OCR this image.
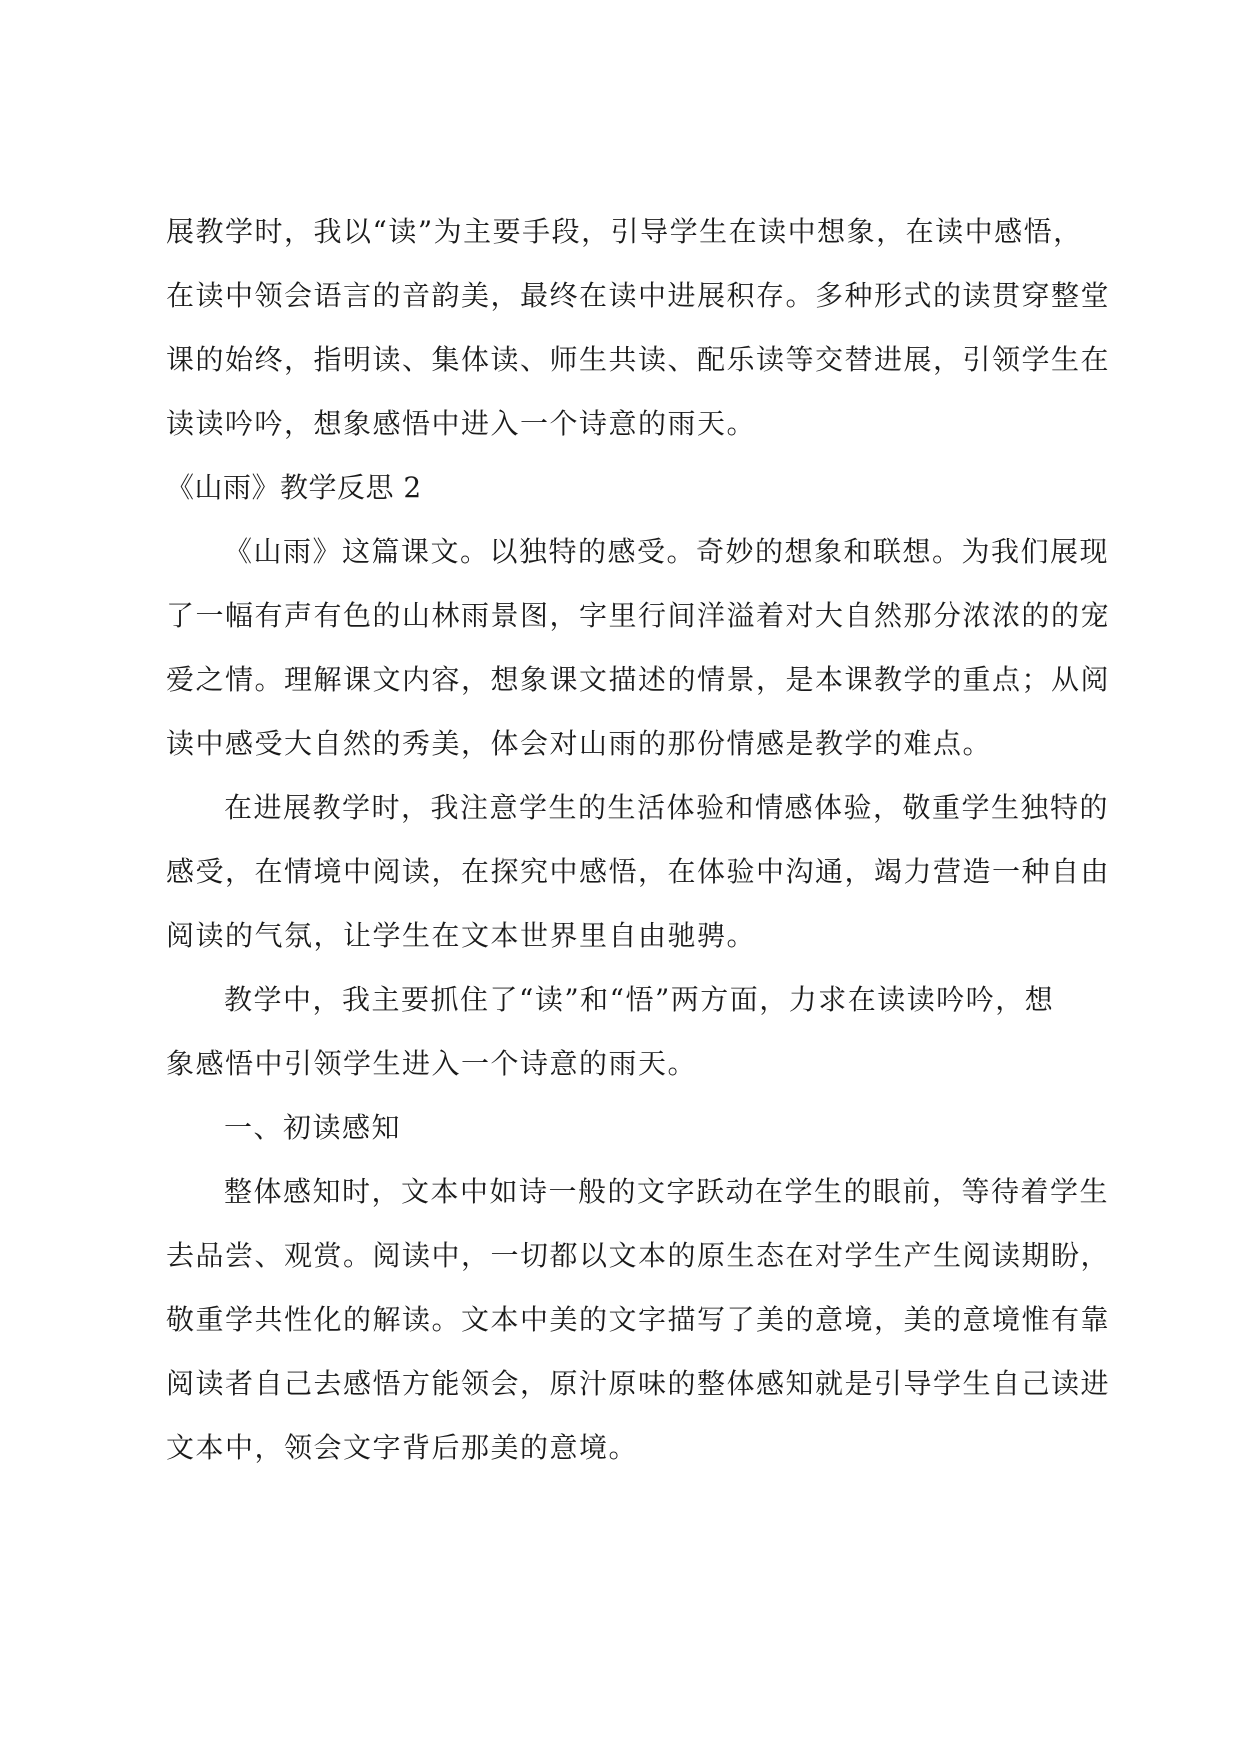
展教学时，我以“读”为主要手段，引导学生在读中想象，在读中感悟，

在读中领会语言的音韵美，最终在读中进展积存。多种形式的读贯穿整堂

课的始终，指明读、集体读、师生共读、配乐读等交替进展，引领学生在

读读吟吟，想象感悟中进入一个诗意的雨天。

《山雨》教学反思 2

《山雨》这篇课文。以独特的感受。奇妙的想象和联想。为我们展现

了一幅有声有色的山林雨景图，字里行间洋溢着对大自然那分浓浓的的宠

爱之情。理解课文内容，想象课文描述的情景，是本课教学的重点；从阅

读中感受大自然的秀美，体会对山雨的那份情感是教学的难点。

在进展教学时，我注意学生的生活体验和情感体验，敬重学生独特的

感受，在情境中阅读，在探究中感悟，在体验中沟通，竭力营造一种自由

阅读的气氛，让学生在文本世界里自由驰骋。

教学中，我主要抓住了“读”和“悟”两方面，力求在读读吟吟，想

象感悟中引领学生进入一个诗意的雨天。

一、初读感知

整体感知时，文本中如诗一般的文字跃动在学生的眼前，等待着学生

去品尝、观赏。阅读中，一切都以文本的原生态在对学生产生阅读期盼，

敬重学共性化的解读。文本中美的文字描写了美的意境，美的意境惟有靠

阅读者自己去感悟方能领会，原汁原味的整体感知就是引导学生自己读进

文本中，领会文字背后那美的意境。
